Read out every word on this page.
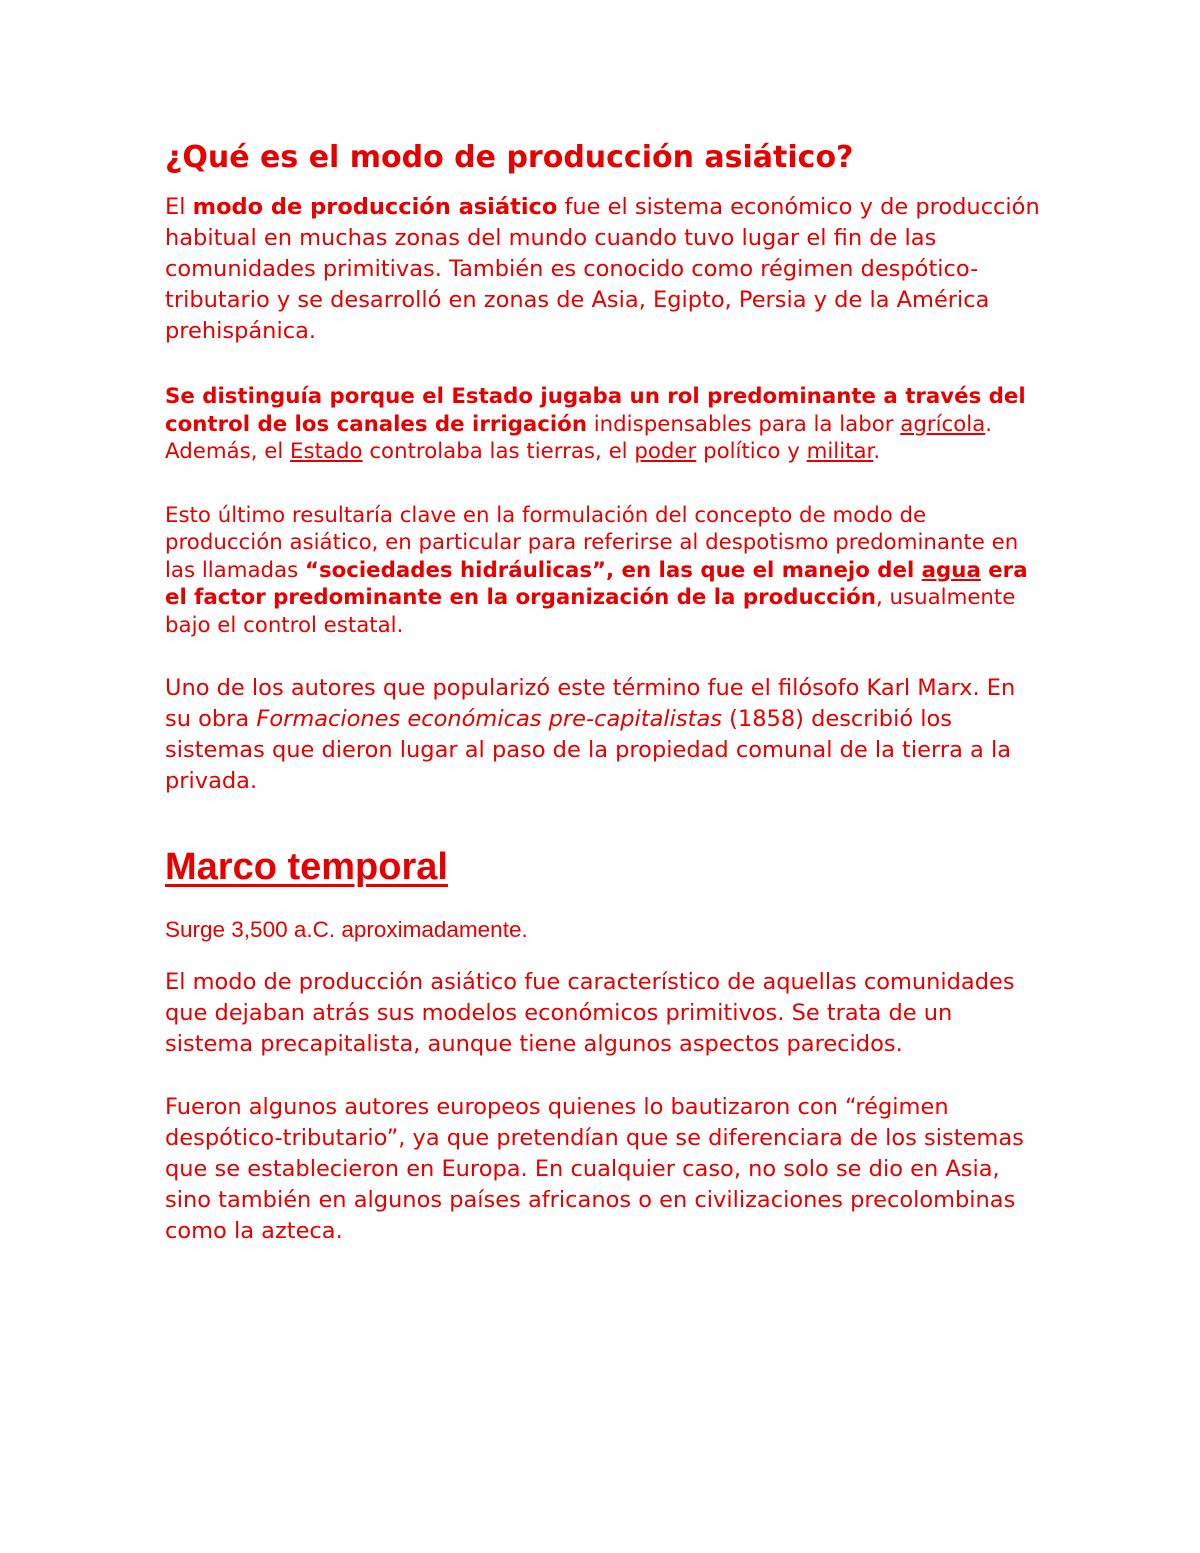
¿Qué es el modo de producción asiático?

El modo de producción asiático fue el sistema económico y de producción habitual en muchas zonas del mundo cuando tuvo lugar el fin de las comunidades primitivas. También es conocido como régimen despótico-tributario y se desarrolló en zonas de Asia, Egipto, Persia y de la América prehispánica.

Se distinguía porque el Estado jugaba un rol predominante a través del control de los canales de irrigación indispensables para la labor agrícola. Además, el Estado controlaba las tierras, el poder político y militar.

Esto último resultaría clave en la formulación del concepto de modo de producción asiático, en particular para referirse al despotismo predominante en las llamadas “sociedades hidráulicas”, en las que el manejo del agua era el factor predominante en la organización de la producción, usualmente bajo el control estatal.

Uno de los autores que popularizó este término fue el filósofo Karl Marx. En su obra Formaciones económicas pre-capitalistas (1858) describió los sistemas que dieron lugar al paso de la propiedad comunal de la tierra a la privada.

Marco temporal

Surge 3,500 a.C. aproximadamente.

El modo de producción asiático fue característico de aquellas comunidades que dejaban atrás sus modelos económicos primitivos. Se trata de un sistema precapitalista, aunque tiene algunos aspectos parecidos.

Fueron algunos autores europeos quienes lo bautizaron con “régimen despótico-tributario”, ya que pretendían que se diferenciara de los sistemas que se establecieron en Europa. En cualquier caso, no solo se dio en Asia, sino también en algunos países africanos o en civilizaciones precolombinas como la azteca.
